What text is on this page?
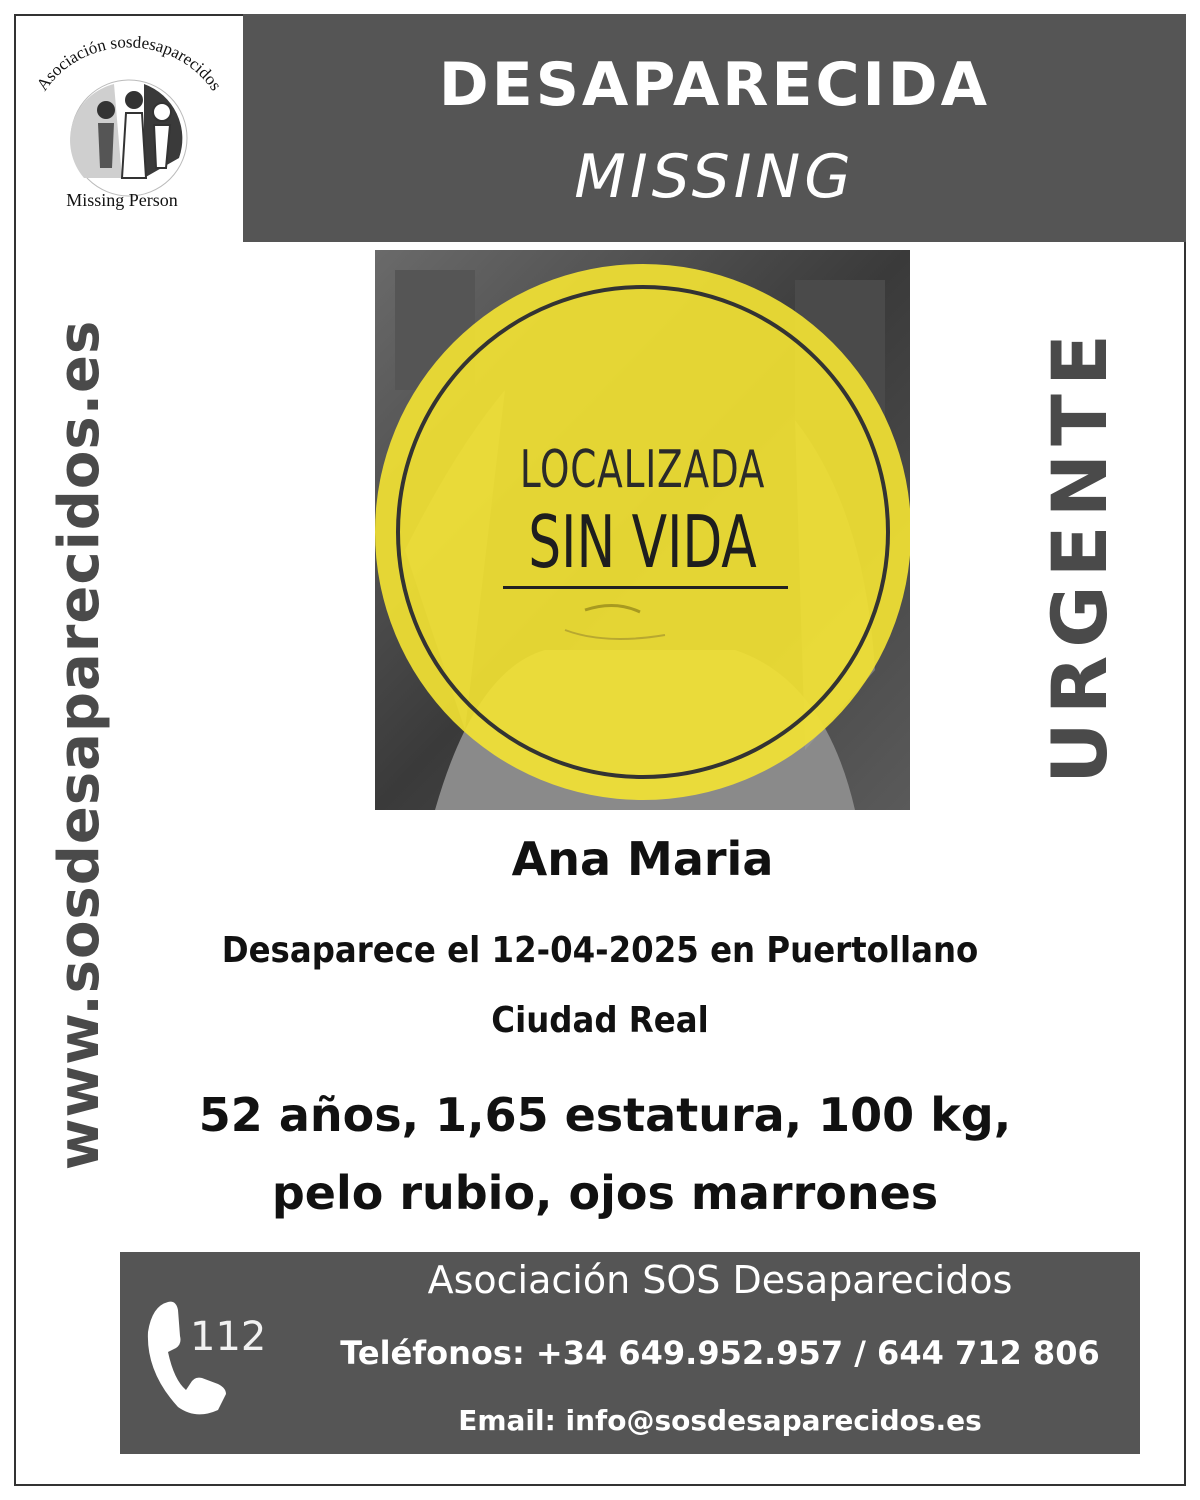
Asociación sosdesaparecidos
Missing Person
DESAPARECIDA
MISSING
www.sosdesaparecidos.es	URGENTE
LOCALIZADA
SIN VIDA
Ana Maria
Desaparece el 12-04-2025 en Puertollano
Ciudad Real
52 años, 1,65 estatura, 100 kg,
pelo rubio, ojos marrones
112
Asociación SOS Desaparecidos
Teléfonos: +34 649.952.957 / 644 712 806
Email: info@sosdesaparecidos.es
